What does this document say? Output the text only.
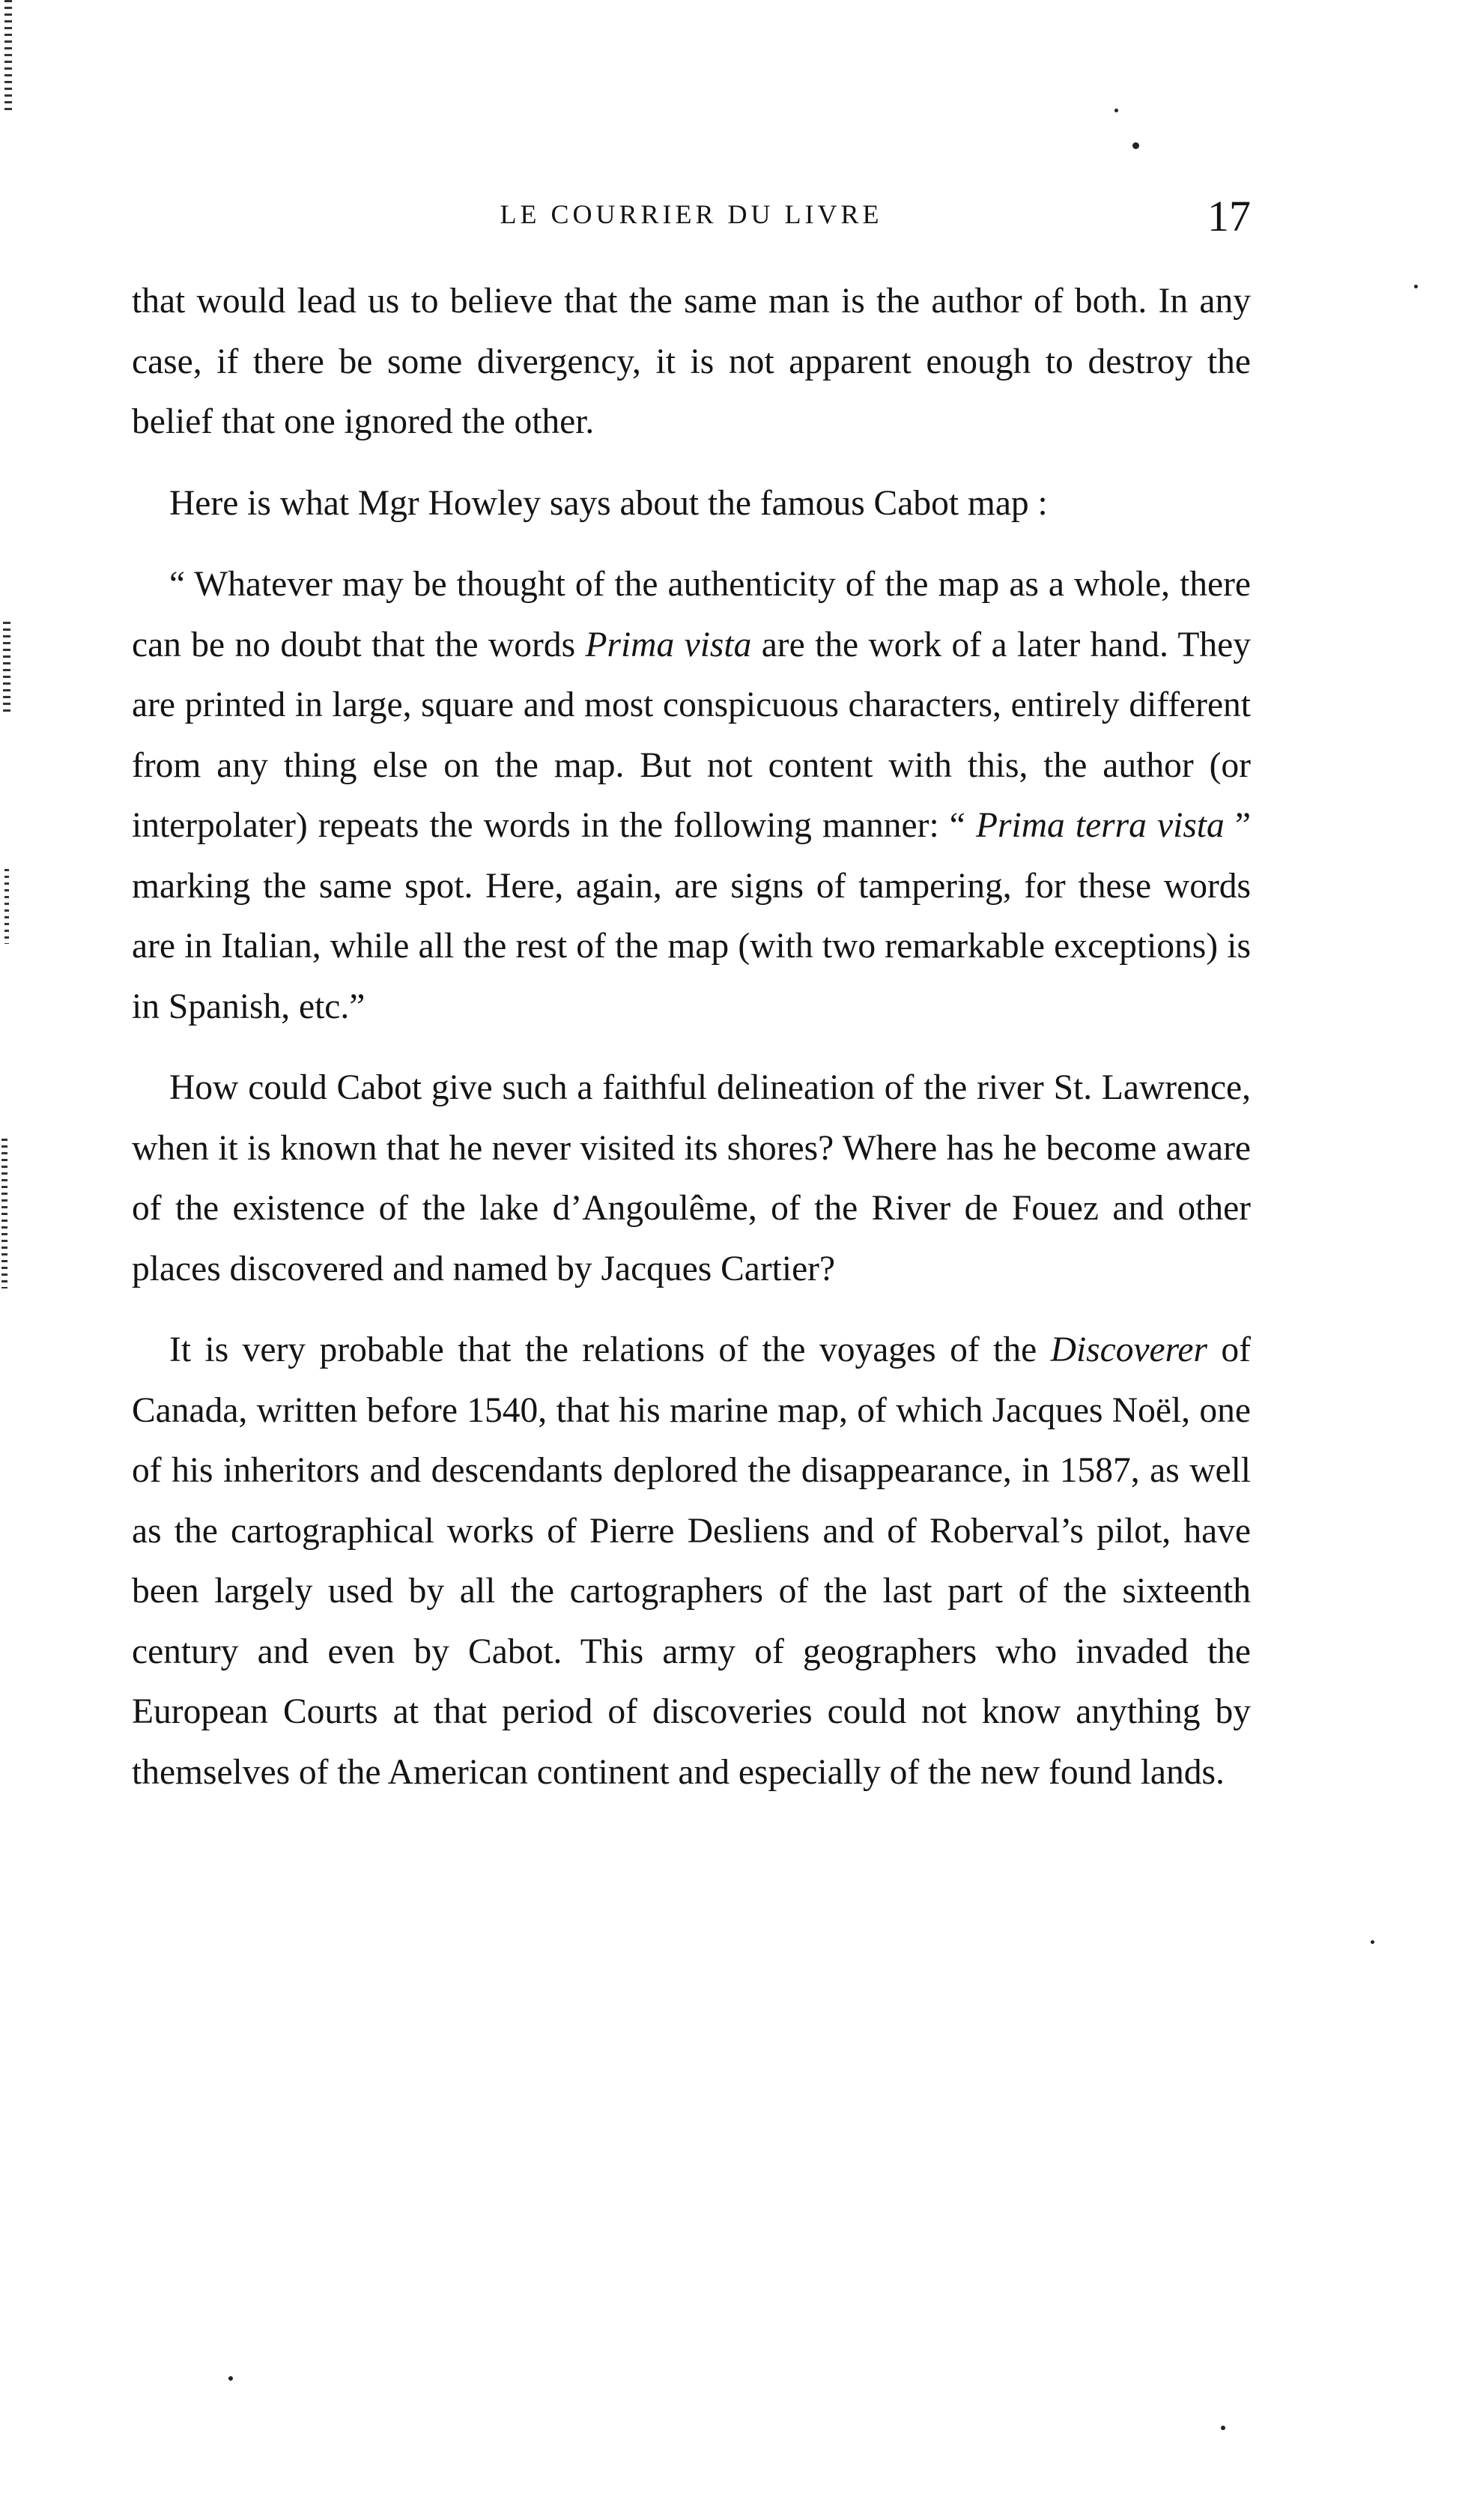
LE COURRIER DU LIVRE	17

that would lead us to believe that the same man is the author of both. In any case, if there be some divergency, it is not apparent enough to destroy the belief that one ignored the other.

Here is what Mgr Howley says about the famous Cabot map :

“ Whatever may be thought of the authenticity of the map as a whole, there can be no doubt that the words Prima vista are the work of a later hand. They are printed in large, square and most conspicuous characters, entirely different from any thing else on the map. But not content with this, the author (or interpolater) repeats the words in the following manner: “ Prima terra vista ” marking the same spot. Here, again, are signs of tampering, for these words are in Italian, while all the rest of the map (with two remarkable exceptions) is in Spanish, etc.”

How could Cabot give such a faithful delineation of the river St. Lawrence, when it is known that he never visited its shores? Where has he become aware of the existence of the lake d’Angoulême, of the River de Fouez and other places discovered and named by Jacques Cartier?

It is very probable that the relations of the voyages of the Discoverer of Canada, written before 1540, that his marine map, of which Jacques Noël, one of his inheritors and descendants deplored the disappearance, in 1587, as well as the cartographical works of Pierre Desliens and of Roberval’s pilot, have been largely used by all the cartographers of the last part of the sixteenth century and even by Cabot. This army of geographers who invaded the European Courts at that period of discoveries could not know anything by themselves of the American continent and especially of the new found lands.
